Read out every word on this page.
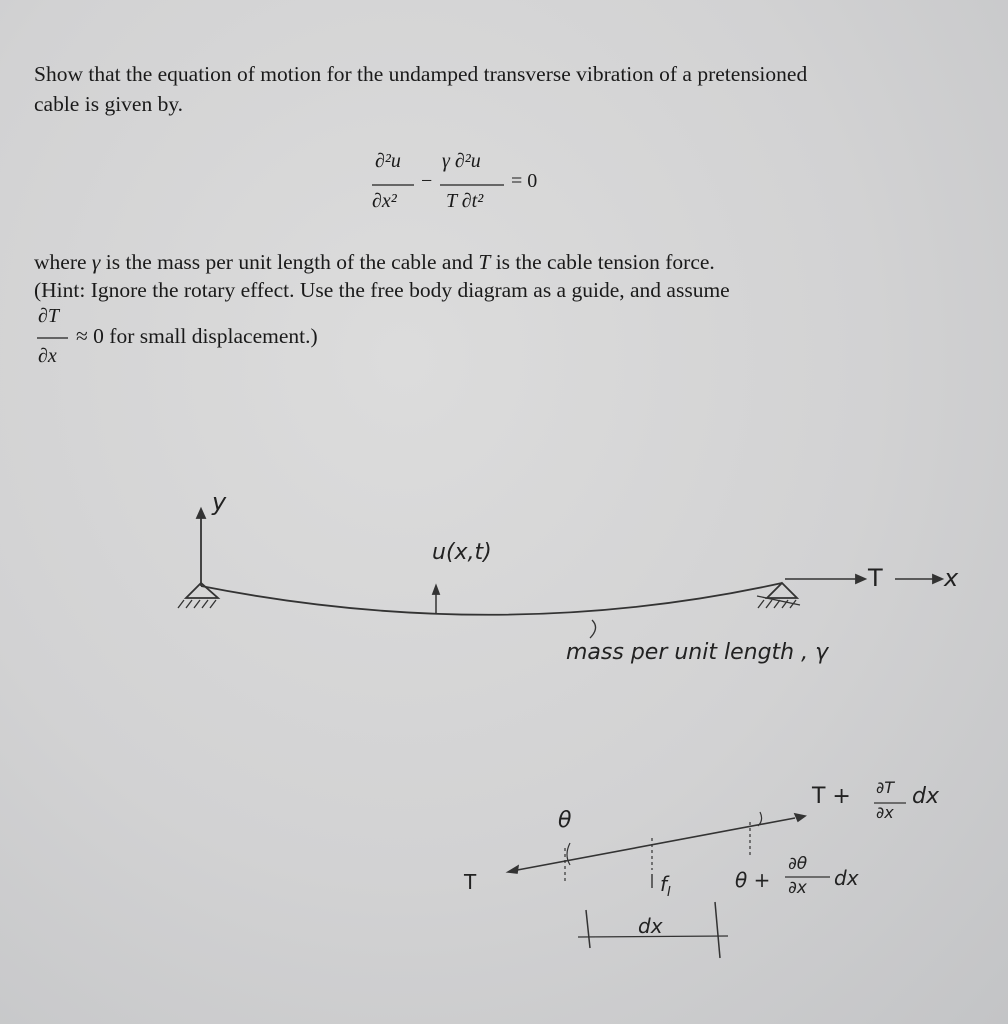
Show that the equation of motion for the undamped transverse vibration of a pretensioned
cable is given by.
∂²u
∂x²
−
γ ∂²u
T ∂t²
= 0
where γ is the mass per unit length of the cable and T is the cable tension force.
(Hint: Ignore the rotary effect. Use the free body diagram as a guide, and assume
∂T
∂x
≈ 0 for small displacement.)
y
u(x,t)
T	x
mass per unit length , γ
θ
T
T + ∂T
∂x
dx
$f_I$
θ +
∂θ
∂x dx
dx
